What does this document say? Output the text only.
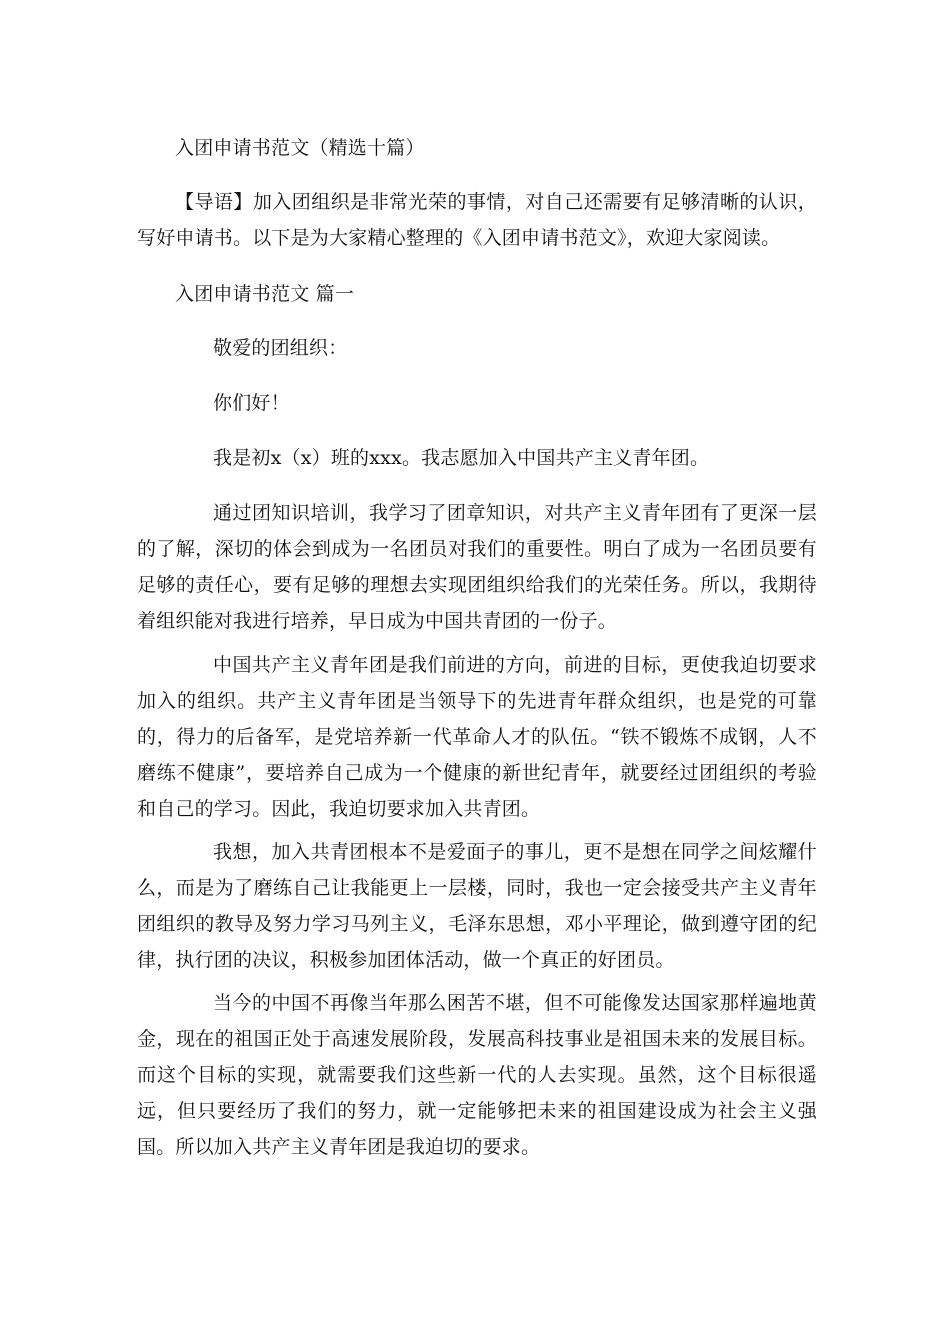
入团申请书范文（精选十篇）
【导语】加入团组织是非常光荣的事情，对自己还需要有足够清晰的认识，写好申请书。以下是为大家精心整理的《入团申请书范文》，欢迎大家阅读。
入团申请书范文 篇一
敬爱的团组织：
你们好！
我是初x（x）班的xxx。我志愿加入中国共产主义青年团。
通过团知识培训，我学习了团章知识，对共产主义青年团有了更深一层的了解，深切的体会到成为一名团员对我们的重要性。明白了成为一名团员要有足够的责任心，要有足够的理想去实现团组织给我们的光荣任务。所以，我期待着组织能对我进行培养，早日成为中国共青团的一份子。
中国共产主义青年团是我们前进的方向，前进的目标，更使我迫切要求加入的组织。共产主义青年团是当领导下的先进青年群众组织，也是党的可靠的，得力的后备军，是党培养新一代革命人才的队伍。“铁不锻炼不成钢，人不磨练不健康”，要培养自己成为一个健康的新世纪青年，就要经过团组织的考验和自己的学习。因此，我迫切要求加入共青团。
我想，加入共青团根本不是爱面子的事儿，更不是想在同学之间炫耀什么，而是为了磨练自己让我能更上一层楼，同时，我也一定会接受共产主义青年团组织的教导及努力学习马列主义，毛泽东思想，邓小平理论，做到遵守团的纪律，执行团的决议，积极参加团体活动，做一个真正的好团员。
当今的中国不再像当年那么困苦不堪，但不可能像发达国家那样遍地黄金，现在的祖国正处于高速发展阶段，发展高科技事业是祖国未来的发展目标。而这个目标的实现，就需要我们这些新一代的人去实现。虽然，这个目标很遥远，但只要经历了我们的努力，就一定能够把未来的祖国建设成为社会主义强国。所以加入共产主义青年团是我迫切的要求。
